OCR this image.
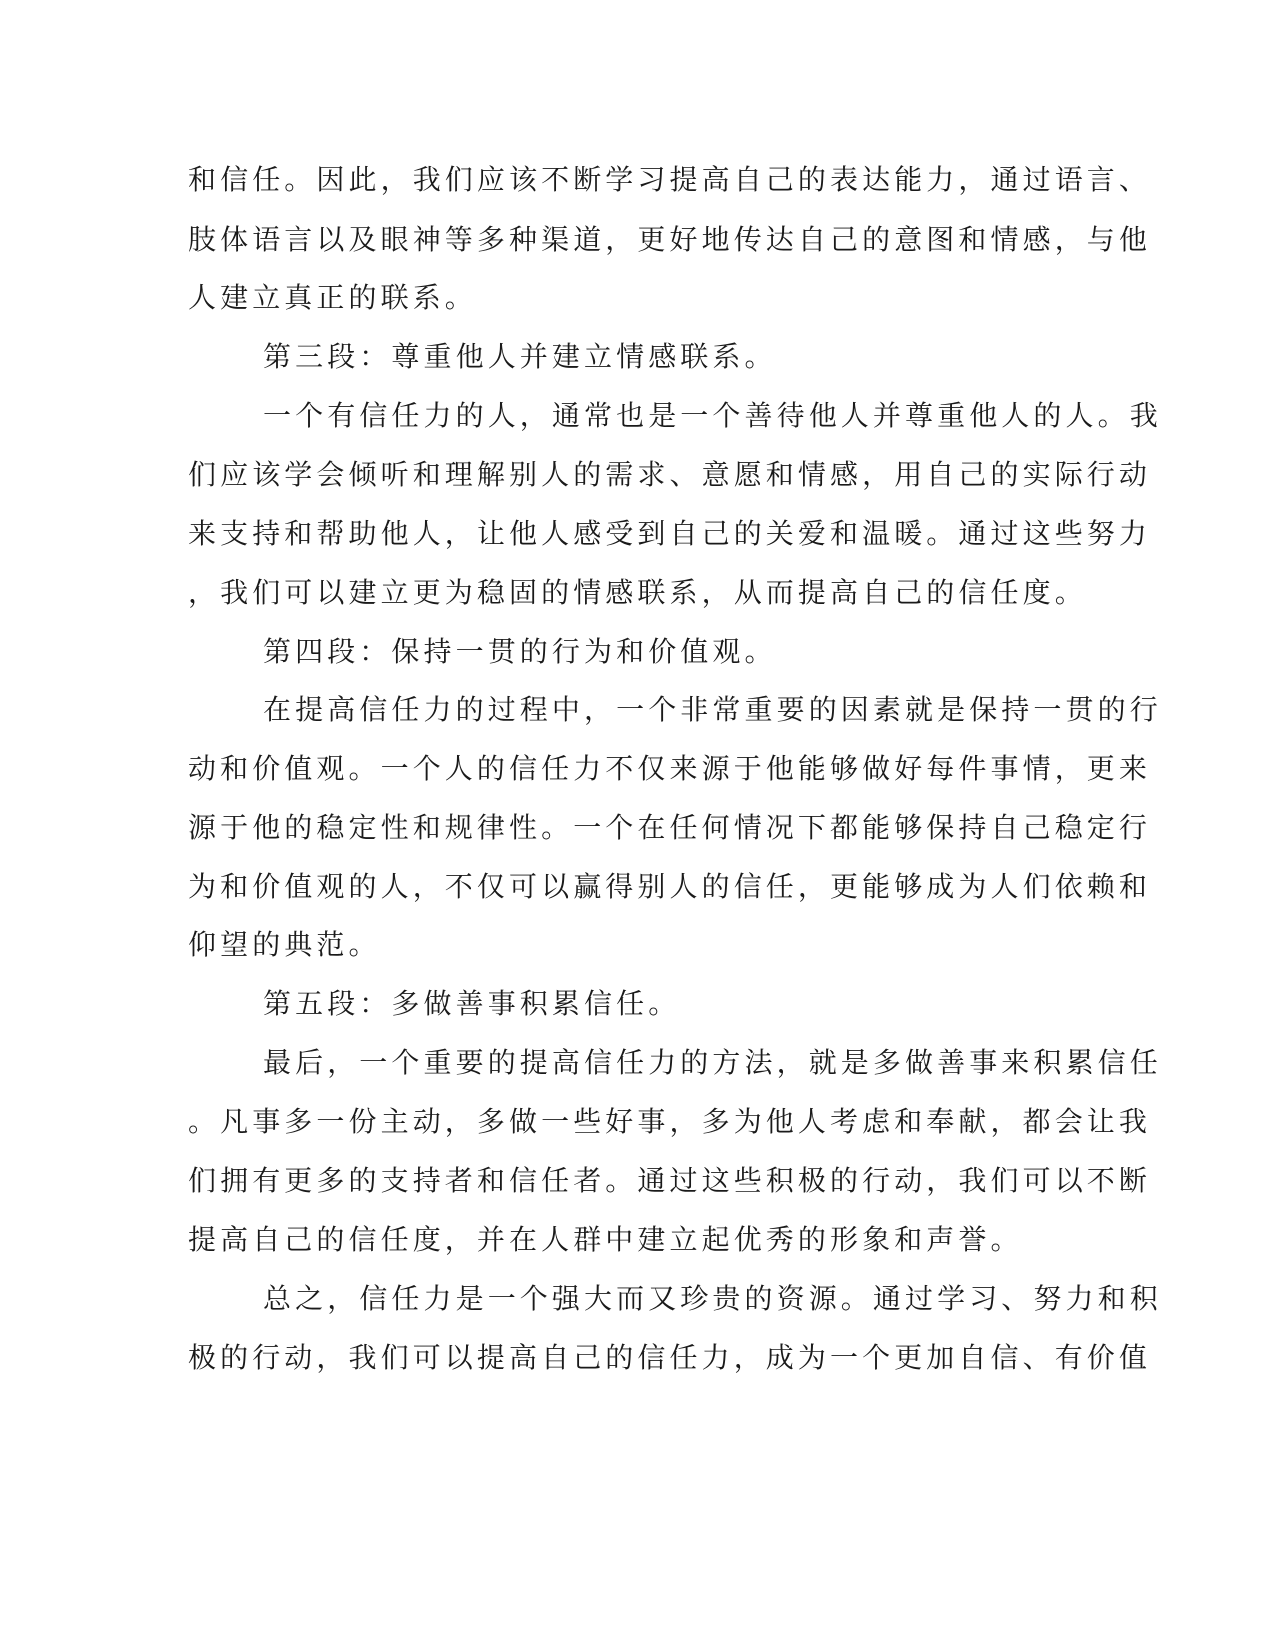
和信任。因此，我们应该不断学习提高自己的表达能力，通过语言、
肢体语言以及眼神等多种渠道，更好地传达自己的意图和情感，与他
人建立真正的联系。
第三段：尊重他人并建立情感联系。
一个有信任力的人，通常也是一个善待他人并尊重他人的人。我
们应该学会倾听和理解别人的需求、意愿和情感，用自己的实际行动
来支持和帮助他人，让他人感受到自己的关爱和温暖。通过这些努力
，我们可以建立更为稳固的情感联系，从而提高自己的信任度。
第四段：保持一贯的行为和价值观。
在提高信任力的过程中，一个非常重要的因素就是保持一贯的行
动和价值观。一个人的信任力不仅来源于他能够做好每件事情，更来
源于他的稳定性和规律性。一个在任何情况下都能够保持自己稳定行
为和价值观的人，不仅可以赢得别人的信任，更能够成为人们依赖和
仰望的典范。
第五段：多做善事积累信任。
最后，一个重要的提高信任力的方法，就是多做善事来积累信任
。凡事多一份主动，多做一些好事，多为他人考虑和奉献，都会让我
们拥有更多的支持者和信任者。通过这些积极的行动，我们可以不断
提高自己的信任度，并在人群中建立起优秀的形象和声誉。
总之，信任力是一个强大而又珍贵的资源。通过学习、努力和积
极的行动，我们可以提高自己的信任力，成为一个更加自信、有价值
